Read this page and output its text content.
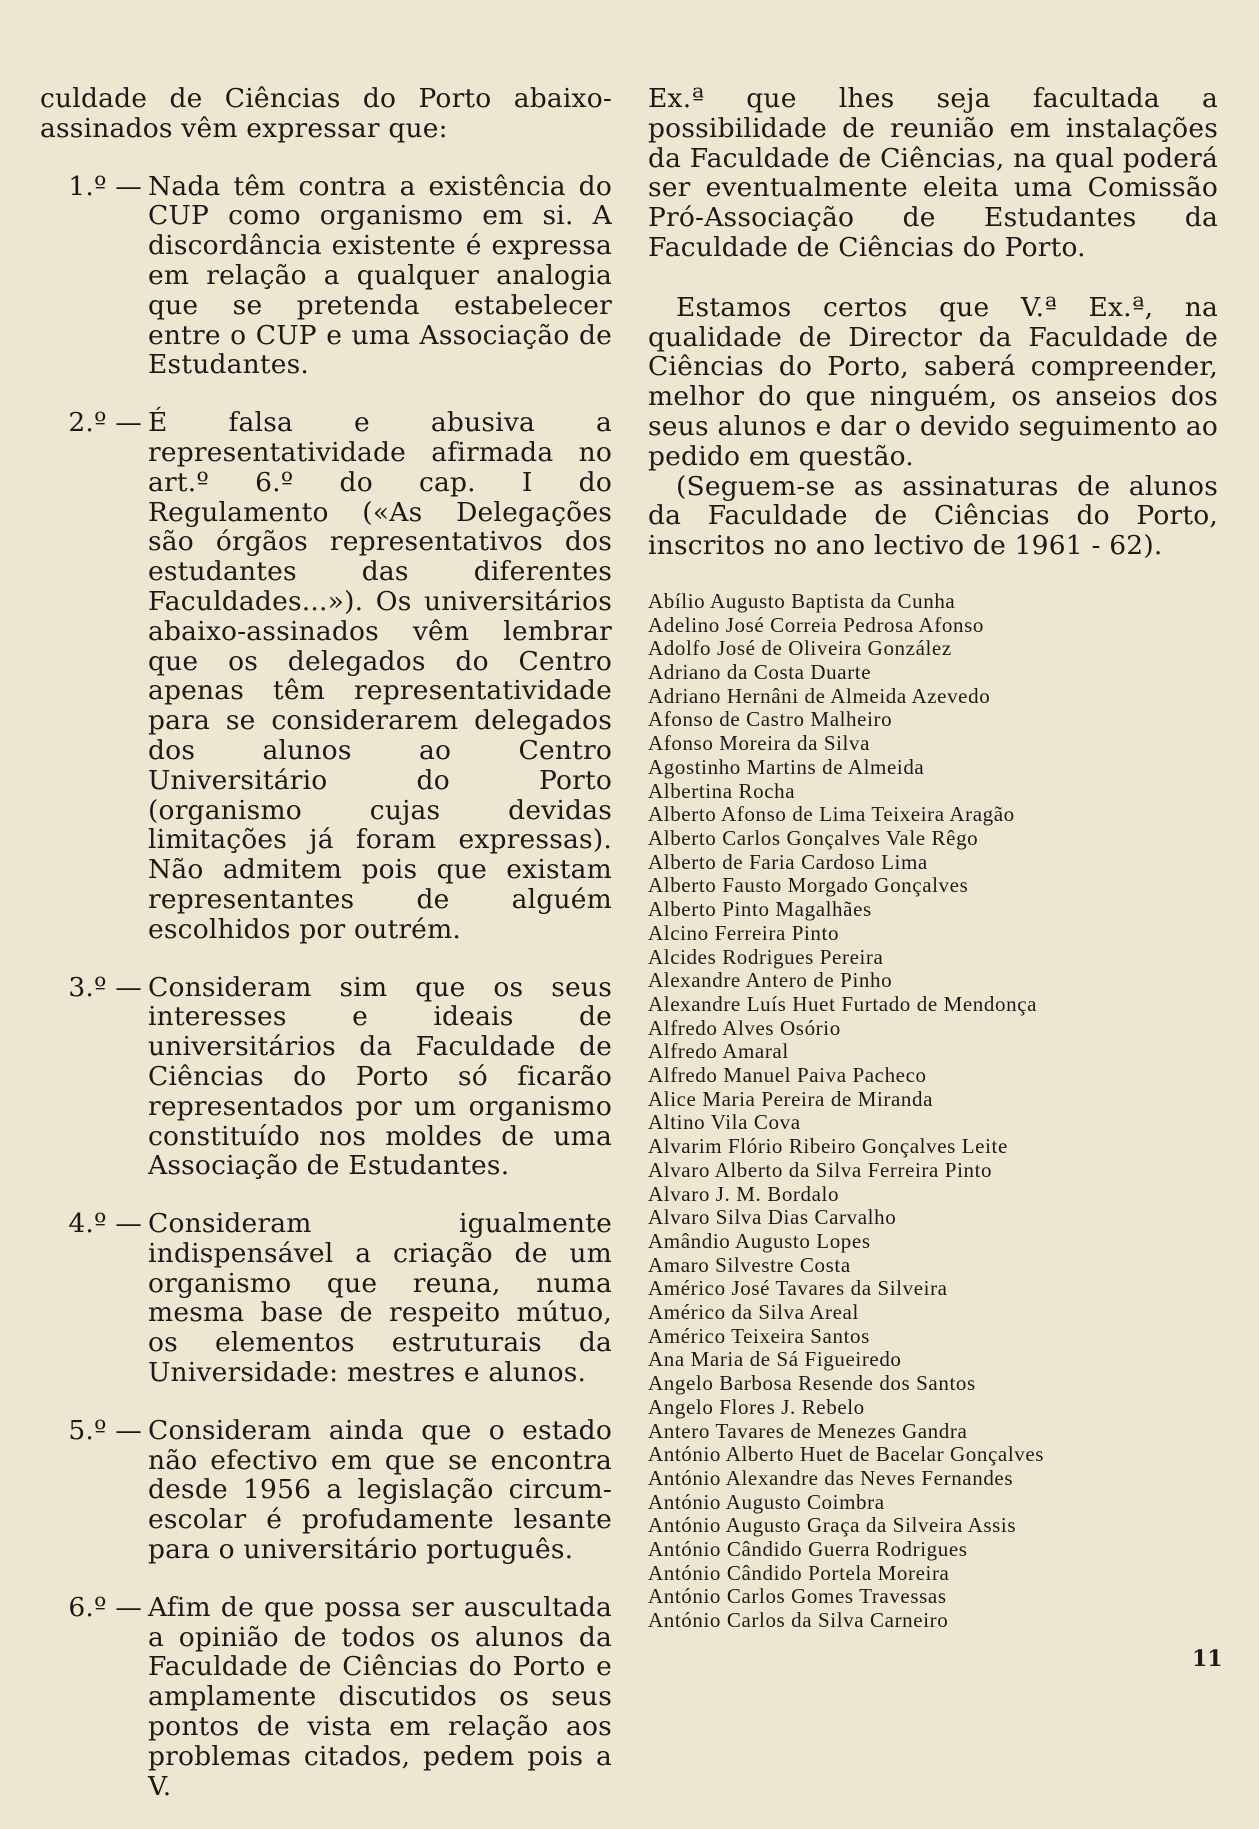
culdade de Ciências do Porto abaixo-assinados vêm expressar que:

1.º — Nada têm contra a existência do CUP como organismo em si. A discordância existente é expressa em relação a qualquer analogia que se pretenda estabelecer entre o CUP e uma Associação de Estudantes.
2.º — É falsa e abusiva a representatividade afirmada no art.º 6.º do cap. I do Regulamento («As Delegações são órgãos representativos dos estudantes das diferentes Faculdades...»). Os universitários abaixo-assinados vêm lembrar que os delegados do Centro apenas têm representatividade para se considerarem delegados dos alunos ao Centro Universitário do Porto (organismo cujas devidas limitações já foram expressas). Não admitem pois que existam representantes de alguém escolhidos por outrém.
3.º — Consideram sim que os seus interesses e ideais de universitários da Faculdade de Ciências do Porto só ficarão representados por um organismo constituído nos moldes de uma Associação de Estudantes.
4.º — Consideram igualmente indispensável a criação de um organismo que reuna, numa mesma base de respeito mútuo, os elementos estruturais da Universidade: mestres e alunos.
5.º — Consideram ainda que o estado não efectivo em que se encontra desde 1956 a legislação circum-escolar é profudamente lesante para o universitário português.
6.º — Afim de que possa ser auscultada a opinião de todos os alunos da Faculdade de Ciências do Porto e amplamente discutidos os seus pontos de vista em relação aos problemas citados, pedem pois a V.

Ex.ª que lhes seja facultada a possibilidade de reunião em instalações da Faculdade de Ciências, na qual poderá ser eventualmente eleita uma Comissão Pró-Associação de Estudantes da Faculdade de Ciências do Porto.

Estamos certos que V.ª Ex.ª, na qualidade de Director da Faculdade de Ciências do Porto, saberá compreender, melhor do que ninguém, os anseios dos seus alunos e dar o devido seguimento ao pedido em questão.

(Seguem-se as assinaturas de alunos da Faculdade de Ciências do Porto, inscritos no ano lectivo de 1961 - 62).

Abílio Augusto Baptista da Cunha
Adelino José Correia Pedrosa Afonso
Adolfo José de Oliveira González
Adriano da Costa Duarte
Adriano Hernâni de Almeida Azevedo
Afonso de Castro Malheiro
Afonso Moreira da Silva
Agostinho Martins de Almeida
Albertina Rocha
Alberto Afonso de Lima Teixeira Aragão
Alberto Carlos Gonçalves Vale Rêgo
Alberto de Faria Cardoso Lima
Alberto Fausto Morgado Gonçalves
Alberto Pinto Magalhães
Alcino Ferreira Pinto
Alcides Rodrigues Pereira
Alexandre Antero de Pinho
Alexandre Luís Huet Furtado de Mendonça
Alfredo Alves Osório
Alfredo Amaral
Alfredo Manuel Paiva Pacheco
Alice Maria Pereira de Miranda
Altino Vila Cova
Alvarim Flório Ribeiro Gonçalves Leite
Alvaro Alberto da Silva Ferreira Pinto
Alvaro J. M. Bordalo
Alvaro Silva Dias Carvalho
Amândio Augusto Lopes
Amaro Silvestre Costa
Américo José Tavares da Silveira
Américo da Silva Areal
Américo Teixeira Santos
Ana Maria de Sá Figueiredo
Angelo Barbosa Resende dos Santos
Angelo Flores J. Rebelo
Antero Tavares de Menezes Gandra
António Alberto Huet de Bacelar Gonçalves
António Alexandre das Neves Fernandes
António Augusto Coimbra
António Augusto Graça da Silveira Assis
António Cândido Guerra Rodrigues
António Cândido Portela Moreira
António Carlos Gomes Travessas
António Carlos da Silva Carneiro
11
